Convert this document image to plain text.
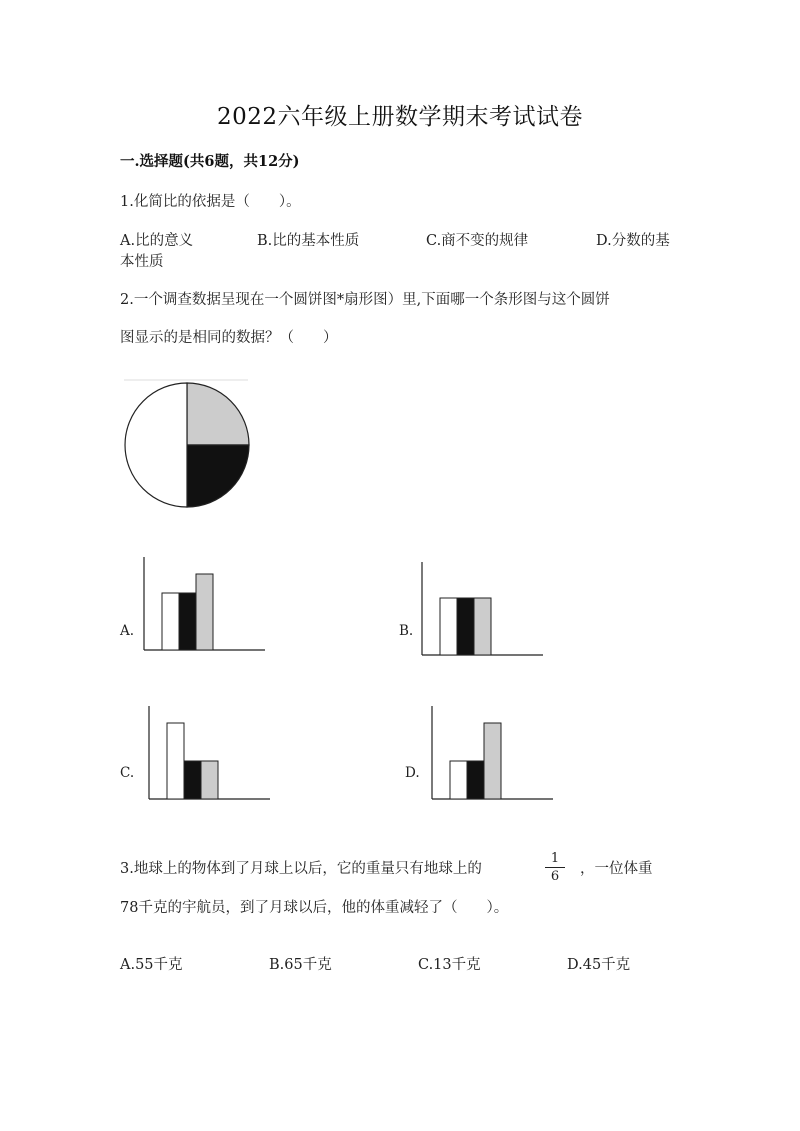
2022六年级上册数学期末考试试卷
一.选择题(共6题，共12分)
1.化简比的依据是（　　）。
A.比的意义	B.比的基本性质	C.商不变的规律	D.分数的基
本性质
2.一个调查数据呈现在一个圆饼图*扇形图）里,下面哪一个条形图与这个圆饼
图显示的是相同的数据？（　　）
A.	B.
C.	D.
3.地球上的物体到了月球上以后，它的重量只有地球上的
1
6	，一位体重
78千克的宇航员，到了月球以后，他的体重减轻了（　　）。
A.55千克	B.65千克	C.13千克	D.45千克
